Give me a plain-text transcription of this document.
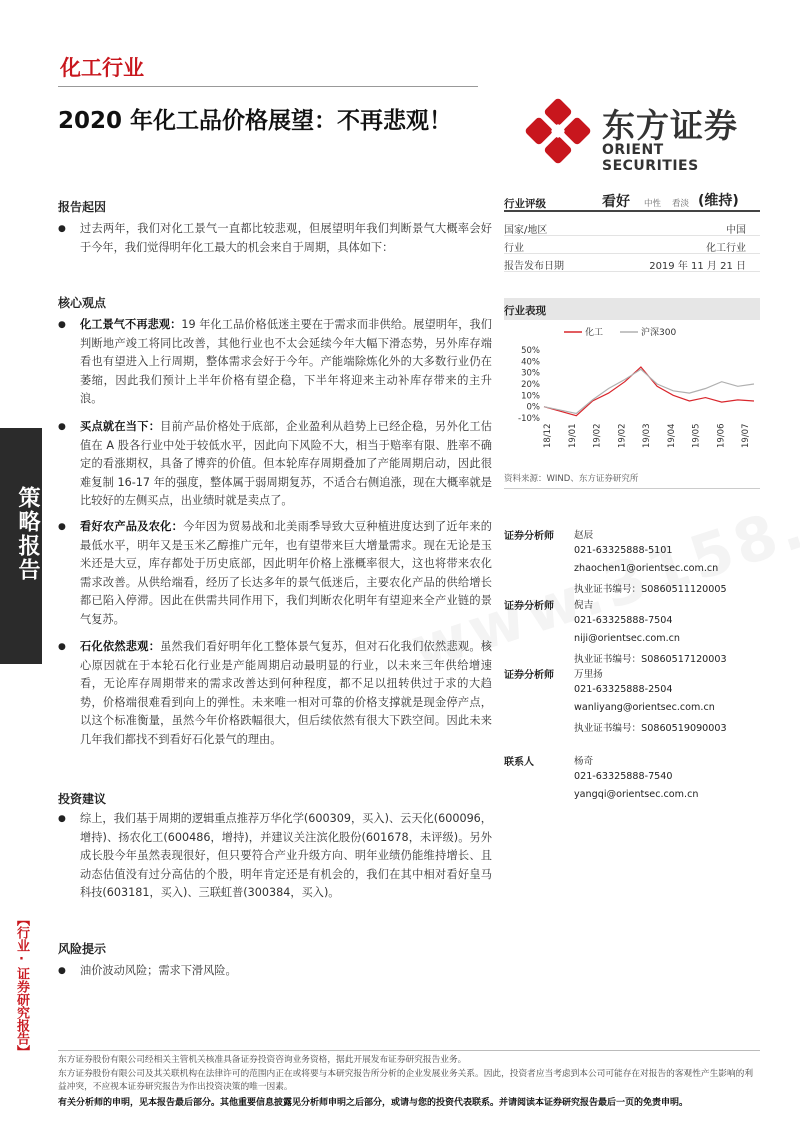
策略报告
【行业·证券研究报告】
化工行业
2020 年化工品价格展望：不再悲观！	东方证券
ORIENT SECURITIES
报告起因
●	过去两年，我们对化工景气一直都比较悲观，但展望明年我们判断景气大概率会好于今年，我们觉得明年化工最大的机会来自于周期，具体如下：
核心观点
●	化工景气不再悲观：19 年化工品价格低迷主要在于需求而非供给。展望明年，我们判断地产竣工将同比改善，其他行业也不太会延续今年大幅下滑态势，另外库存端看也有望进入上行周期，整体需求会好于今年。产能端除炼化外的大多数行业仍在萎缩，因此我们预计上半年价格有望企稳，下半年将迎来主动补库存带来的主升浪。
●	买点就在当下：目前产品价格处于底部，企业盈利从趋势上已经企稳，另外化工估值在 A 股各行业中处于较低水平，因此向下风险不大，相当于赔率有限、胜率不确定的看涨期权，具备了博弈的价值。但本轮库存周期叠加了产能周期启动，因此很难复制 16-17 年的强度，整体属于弱周期复苏，不适合右侧追涨，现在大概率就是比较好的左侧买点，出业绩时就是卖点了。
●	看好农产品及农化：今年因为贸易战和北美雨季导致大豆种植进度达到了近年来的最低水平，明年又是玉米乙醇推广元年，也有望带来巨大增量需求。现在无论是玉米还是大豆，库存都处于历史底部，因此明年价格上涨概率很大，这也将带来农化需求改善。从供给端看，经历了长达多年的景气低迷后，主要农化产品的供给增长都已陷入停滞。因此在供需共同作用下，我们判断农化明年有望迎来全产业链的景气复苏。
●	石化依然悲观：虽然我们看好明年化工整体景气复苏，但对石化我们依然悲观。核心原因就在于本轮石化行业是产能周期启动最明显的行业，以未来三年供给增速看，无论库存周期带来的需求改善达到何种程度，都不足以扭转供过于求的大趋势，价格端很难看到向上的弹性。未来唯一相对可靠的价格支撑就是现金停产点，以这个标准衡量，虽然今年价格跌幅很大，但后续依然有很大下跌空间。因此未来几年我们都找不到看好石化景气的理由。
投资建议
●	综上，我们基于周期的逻辑重点推荐万华化学(600309，买入)、云天化(600096，增持)、扬农化工(600486，增持)，并建议关注滨化股份(601678，未评级)。另外成长股今年虽然表现很好，但只要符合产业升级方向、明年业绩仍能维持增长、且动态估值没有过分高估的个股，明年肯定还是有机会的，我们在其中相对看好皇马科技(603181，买入)、三联虹普(300384，买入)。
风险提示
●	油价波动风险；需求下滑风险。
行业评级	看好 中性 看淡 (维持)
国家/地区	中国
行业	化工行业
报告发布日期	2019 年 11 月 21 日
行业表现
化工	沪深300
50%
40%
30%
20%
10%
0%
-10%
18/12 19/01 19/02 19/02 19/03 19/04 19/05 19/06 19/07
资料来源：WIND、东方证券研究所
证券分析师 赵辰
021-63325888-5101
zhaochen1@orientsec.com.cn
执业证书编号：S0860511120005
证券分析师 倪吉
021-63325888-7504
niji@orientsec.com.cn
执业证书编号：S0860517120003
证券分析师 万里扬
021-63325888-2504
wanliyang@orientsec.com.cn
执业证书编号：S0860519090003
联系人	杨奇
021-63325888-7540
yangqi@orientsec.com.cn
东方证券股份有限公司经相关主管机关核准具备证券投资咨询业务资格，据此开展发布证券研究报告业务。
东方证券股份有限公司及其关联机构在法律许可的范围内正在或将要与本研究报告所分析的企业发展业务关系。因此，投资者应当考虑到本公司可能存在对报告的客观性产生影响的利益冲突，不应视本证券研究报告为作出投资决策的唯一因素。
有关分析师的申明，见本报告最后部分。其他重要信息披露见分析师申明之后部分，或请与您的投资代表联系。并请阅读本证券研究报告最后一页的免责申明。
